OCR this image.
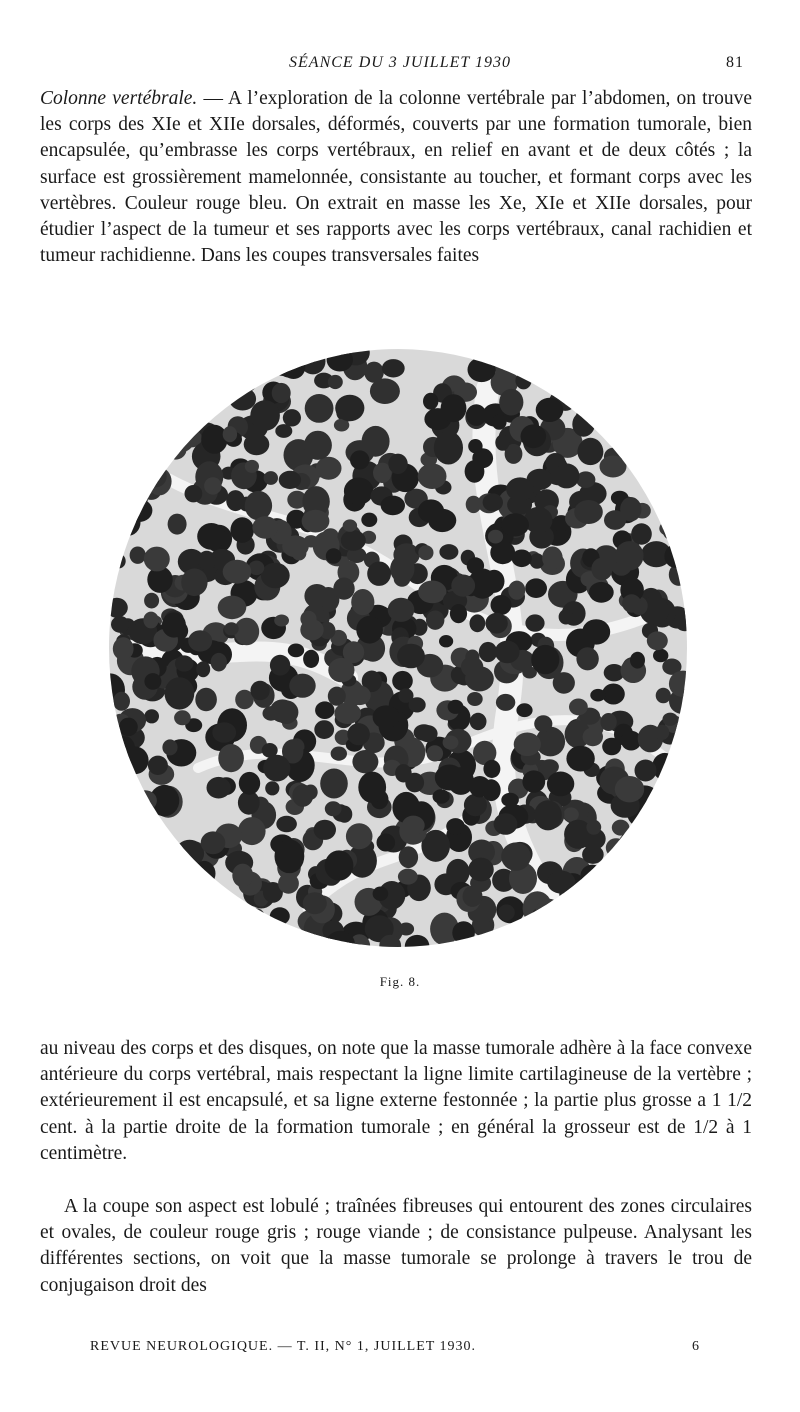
SÉANCE DU 3 JUILLET 1930	81

Colonne vertébrale. — A l’exploration de la colonne vertébrale par l’abdomen, on trouve les corps des XIe et XIIe dorsales, déformés, couverts par une formation tumorale, bien encapsulée, qu’embrasse les corps vertébraux, en relief en avant et de deux côtés ; la surface est grossièrement mamelonnée, consistante au toucher, et formant corps avec les vertèbres. Couleur rouge bleu. On extrait en masse les Xe, XIe et XIIe dorsales, pour étudier l’aspect de la tumeur et ses rapports avec les corps vertébraux, canal rachidien et tumeur rachidienne. Dans les coupes transversales faites

Fig. 8.

au niveau des corps et des disques, on note que la masse tumorale adhère à la face convexe antérieure du corps vertébral, mais respectant la ligne limite cartilagineuse de la vertèbre ; extérieurement il est encapsulé, et sa ligne externe festonnée ; la partie plus grosse a 1 1/2 cent. à la partie droite de la formation tumorale ; en général la grosseur est de 1/2 à 1 centimètre.

A la coupe son aspect est lobulé ; traînées fibreuses qui entourent des zones circulaires et ovales, de couleur rouge gris ; rouge viande ; de consistance pulpeuse. Analysant les différentes sections, on voit que la masse tumorale se prolonge à travers le trou de conjugaison droit des

REVUE NEUROLOGIQUE. — T. II, N° 1, JUILLET 1930.	6
